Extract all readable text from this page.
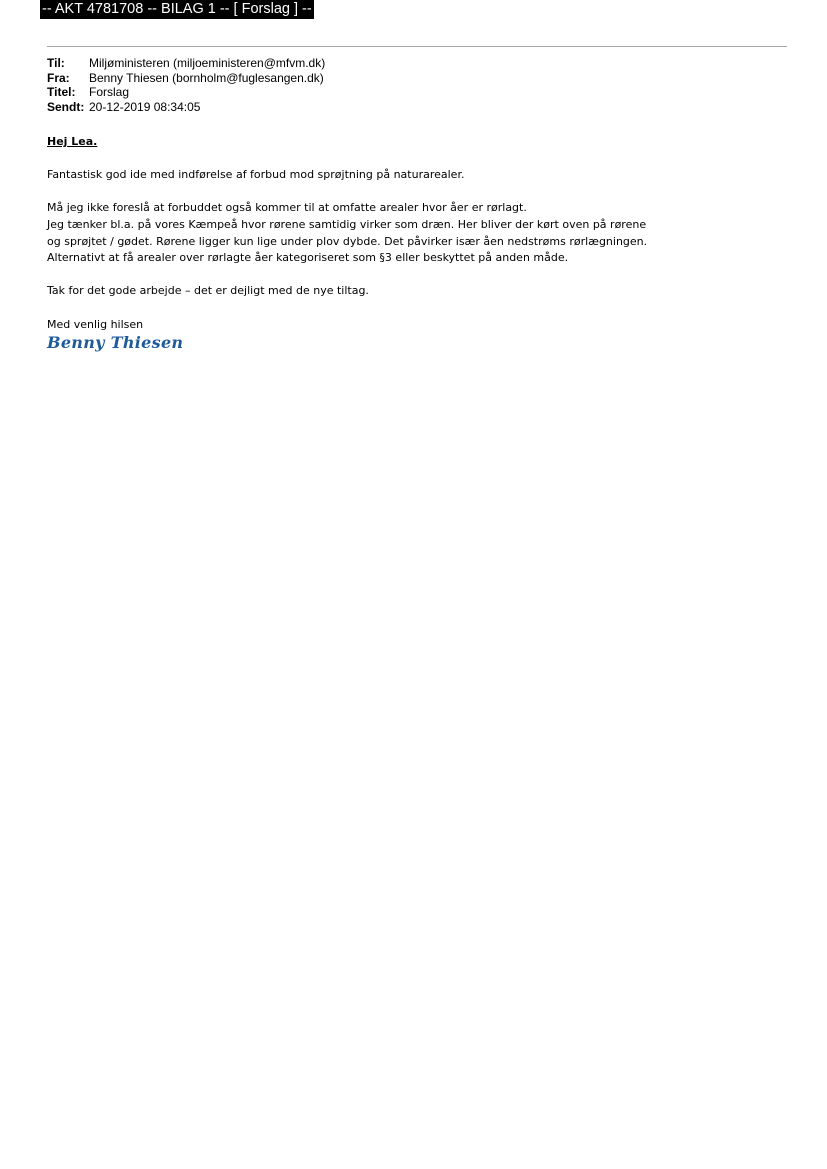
-- AKT 4781708 -- BILAG 1 -- [ Forslag ] --
Til:	Miljøministeren (miljoeministeren@mfvm.dk)
Fra:	Benny Thiesen (bornholm@fuglesangen.dk)
Titel:	Forslag
Sendt: 20-12-2019 08:34:05

Hej Lea.

Fantastisk god ide med indførelse af forbud mod sprøjtning på naturarealer.

Må jeg ikke foreslå at forbuddet også kommer til at omfatte arealer hvor åer er rørlagt.
Jeg tænker bl.a. på vores Kæmpeå hvor rørene samtidig virker som dræn. Her bliver der kørt oven på rørene
og sprøjtet / gødet. Rørene ligger kun lige under plov dybde. Det påvirker især åen nedstrøms rørlægningen.
Alternativt at få arealer over rørlagte åer kategoriseret som §3 eller beskyttet på anden måde.

Tak for det gode arbejde – det er dejligt med de nye tiltag.

Med venlig hilsen

Benny Thiesen
